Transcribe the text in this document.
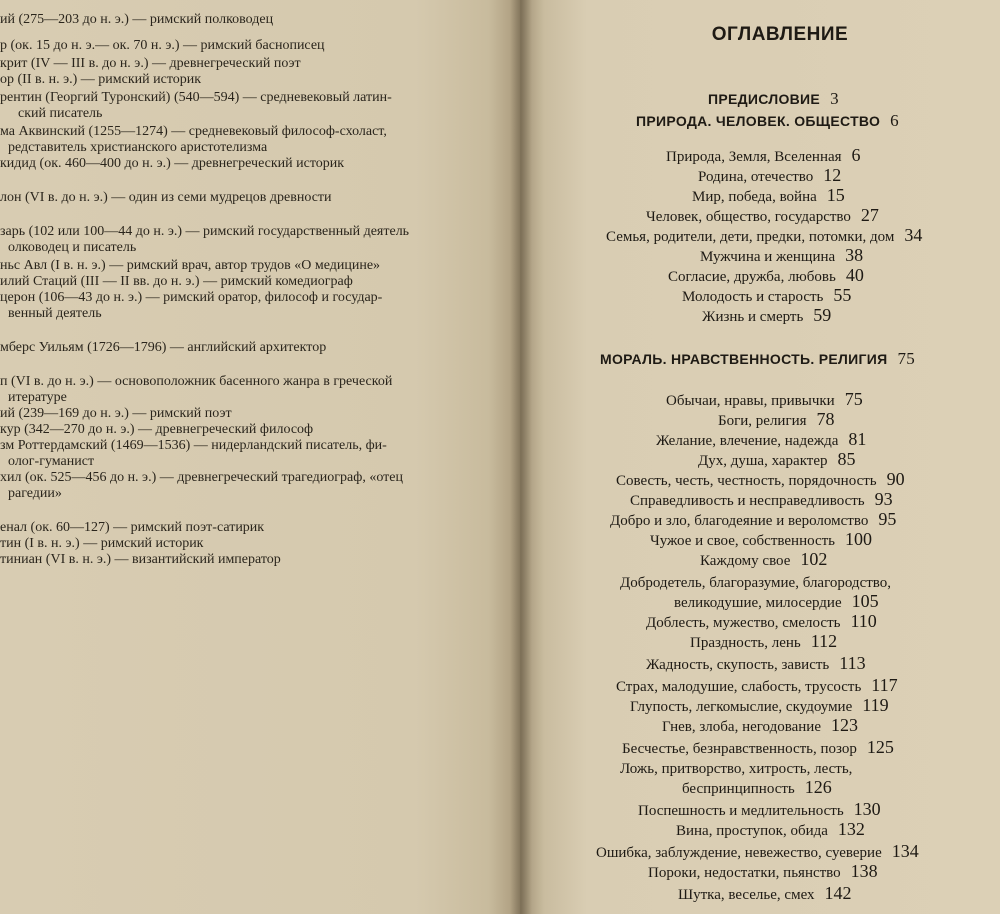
ий (275—203 до н. э.) — римский полководец
р (ок. 15 до н. э.— ок. 70 н. э.) — римский баснописец
крит (IV — III в. до н. э.) — древнегреческий поэт
ор (II в. н. э.) — римский историк
рентин (Георгий Туронский) (540—594) — средневековый латин-
ский писатель
ма Аквинский (1255—1274) — средневековый философ-схоласт,
редставитель христианского аристотелизма
кидид (ок. 460—400 до н. э.) — древнегреческий историк
лон (VI в. до н. э.) — один из семи мудрецов древности
зарь (102 или 100—44 до н. э.) — римский государственный деятель
олководец и писатель
ньс Авл (I в. н. э.) — римский врач, автор трудов «О медицине»
илий Стаций (III — II вв. до н. э.) — римский комедиограф
церон (106—43 до н. э.) — римский оратор, философ и государ-
венный деятель
мберс Уильям (1726—1796) — английский архитектор
п (VI в. до н. э.) — основоположник басенного жанра в греческой
итературе
ий (239—169 до н. э.) — римский поэт
кур (342—270 до н. э.) — древнегреческий философ
зм Роттердамский (1469—1536) — нидерландский писатель, фи-
олог-гуманист
хил (ок. 525—456 до н. э.) — древнегреческий трагедиограф, «отец
рагедии»
енал (ок. 60—127) — римский поэт-сатирик
тин (I в. н. э.) — римский историк
тиниан (VI в. н. э.) — византийский император
ОГЛАВЛЕНИЕ
ПРЕДИСЛОВИЕ 3
ПРИРОДА. ЧЕЛОВЕК. ОБЩЕСТВО 6
Природа, Земля, Вселенная 6
Родина, отечество 12
Мир, победа, война 15
Человек, общество, государство 27
Семья, родители, дети, предки, потомки, дом 34
Мужчина и женщина 38
Согласие, дружба, любовь 40
Молодость и старость 55
Жизнь и смерть 59
МОРАЛЬ. НРАВСТВЕННОСТЬ. РЕЛИГИЯ 75
Обычаи, нравы, привычки 75
Боги, религия 78
Желание, влечение, надежда 81
Дух, душа, характер 85
Совесть, честь, честность, порядочность 90
Справедливость и несправедливость 93
Добро и зло, благодеяние и вероломство 95
Чужое и свое, собственность 100
Каждому свое 102
Добродетель, благоразумие, благородство,
великодушие, милосердие 105
Доблесть, мужество, смелость 110
Праздность, лень 112
Жадность, скупость, зависть 113
Страх, малодушие, слабость, трусость 117
Глупость, легкомыслие, скудоумие 119
Гнев, злоба, негодование 123
Бесчестье, безнравственность, позор 125
Ложь, притворство, хитрость, лесть,
беспринципность 126
Поспешность и медлительность 130
Вина, проступок, обида 132
Ошибка, заблуждение, невежество, суеверие 134
Пороки, недостатки, пьянство 138
Шутка, веселье, смех 142
